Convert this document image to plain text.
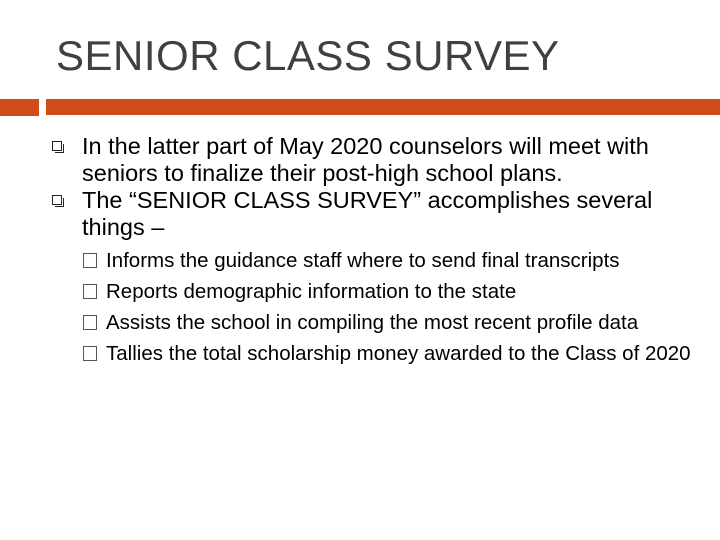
SENIOR CLASS SURVEY
In the latter part of May 2020 counselors will meet with seniors to finalize their post-high school plans.
The “SENIOR CLASS SURVEY” accomplishes several things –
Informs the guidance staff where to send final transcripts
Reports demographic information to the state
Assists the school in compiling the most recent profile data
Tallies the total scholarship money awarded to the Class of 2020
